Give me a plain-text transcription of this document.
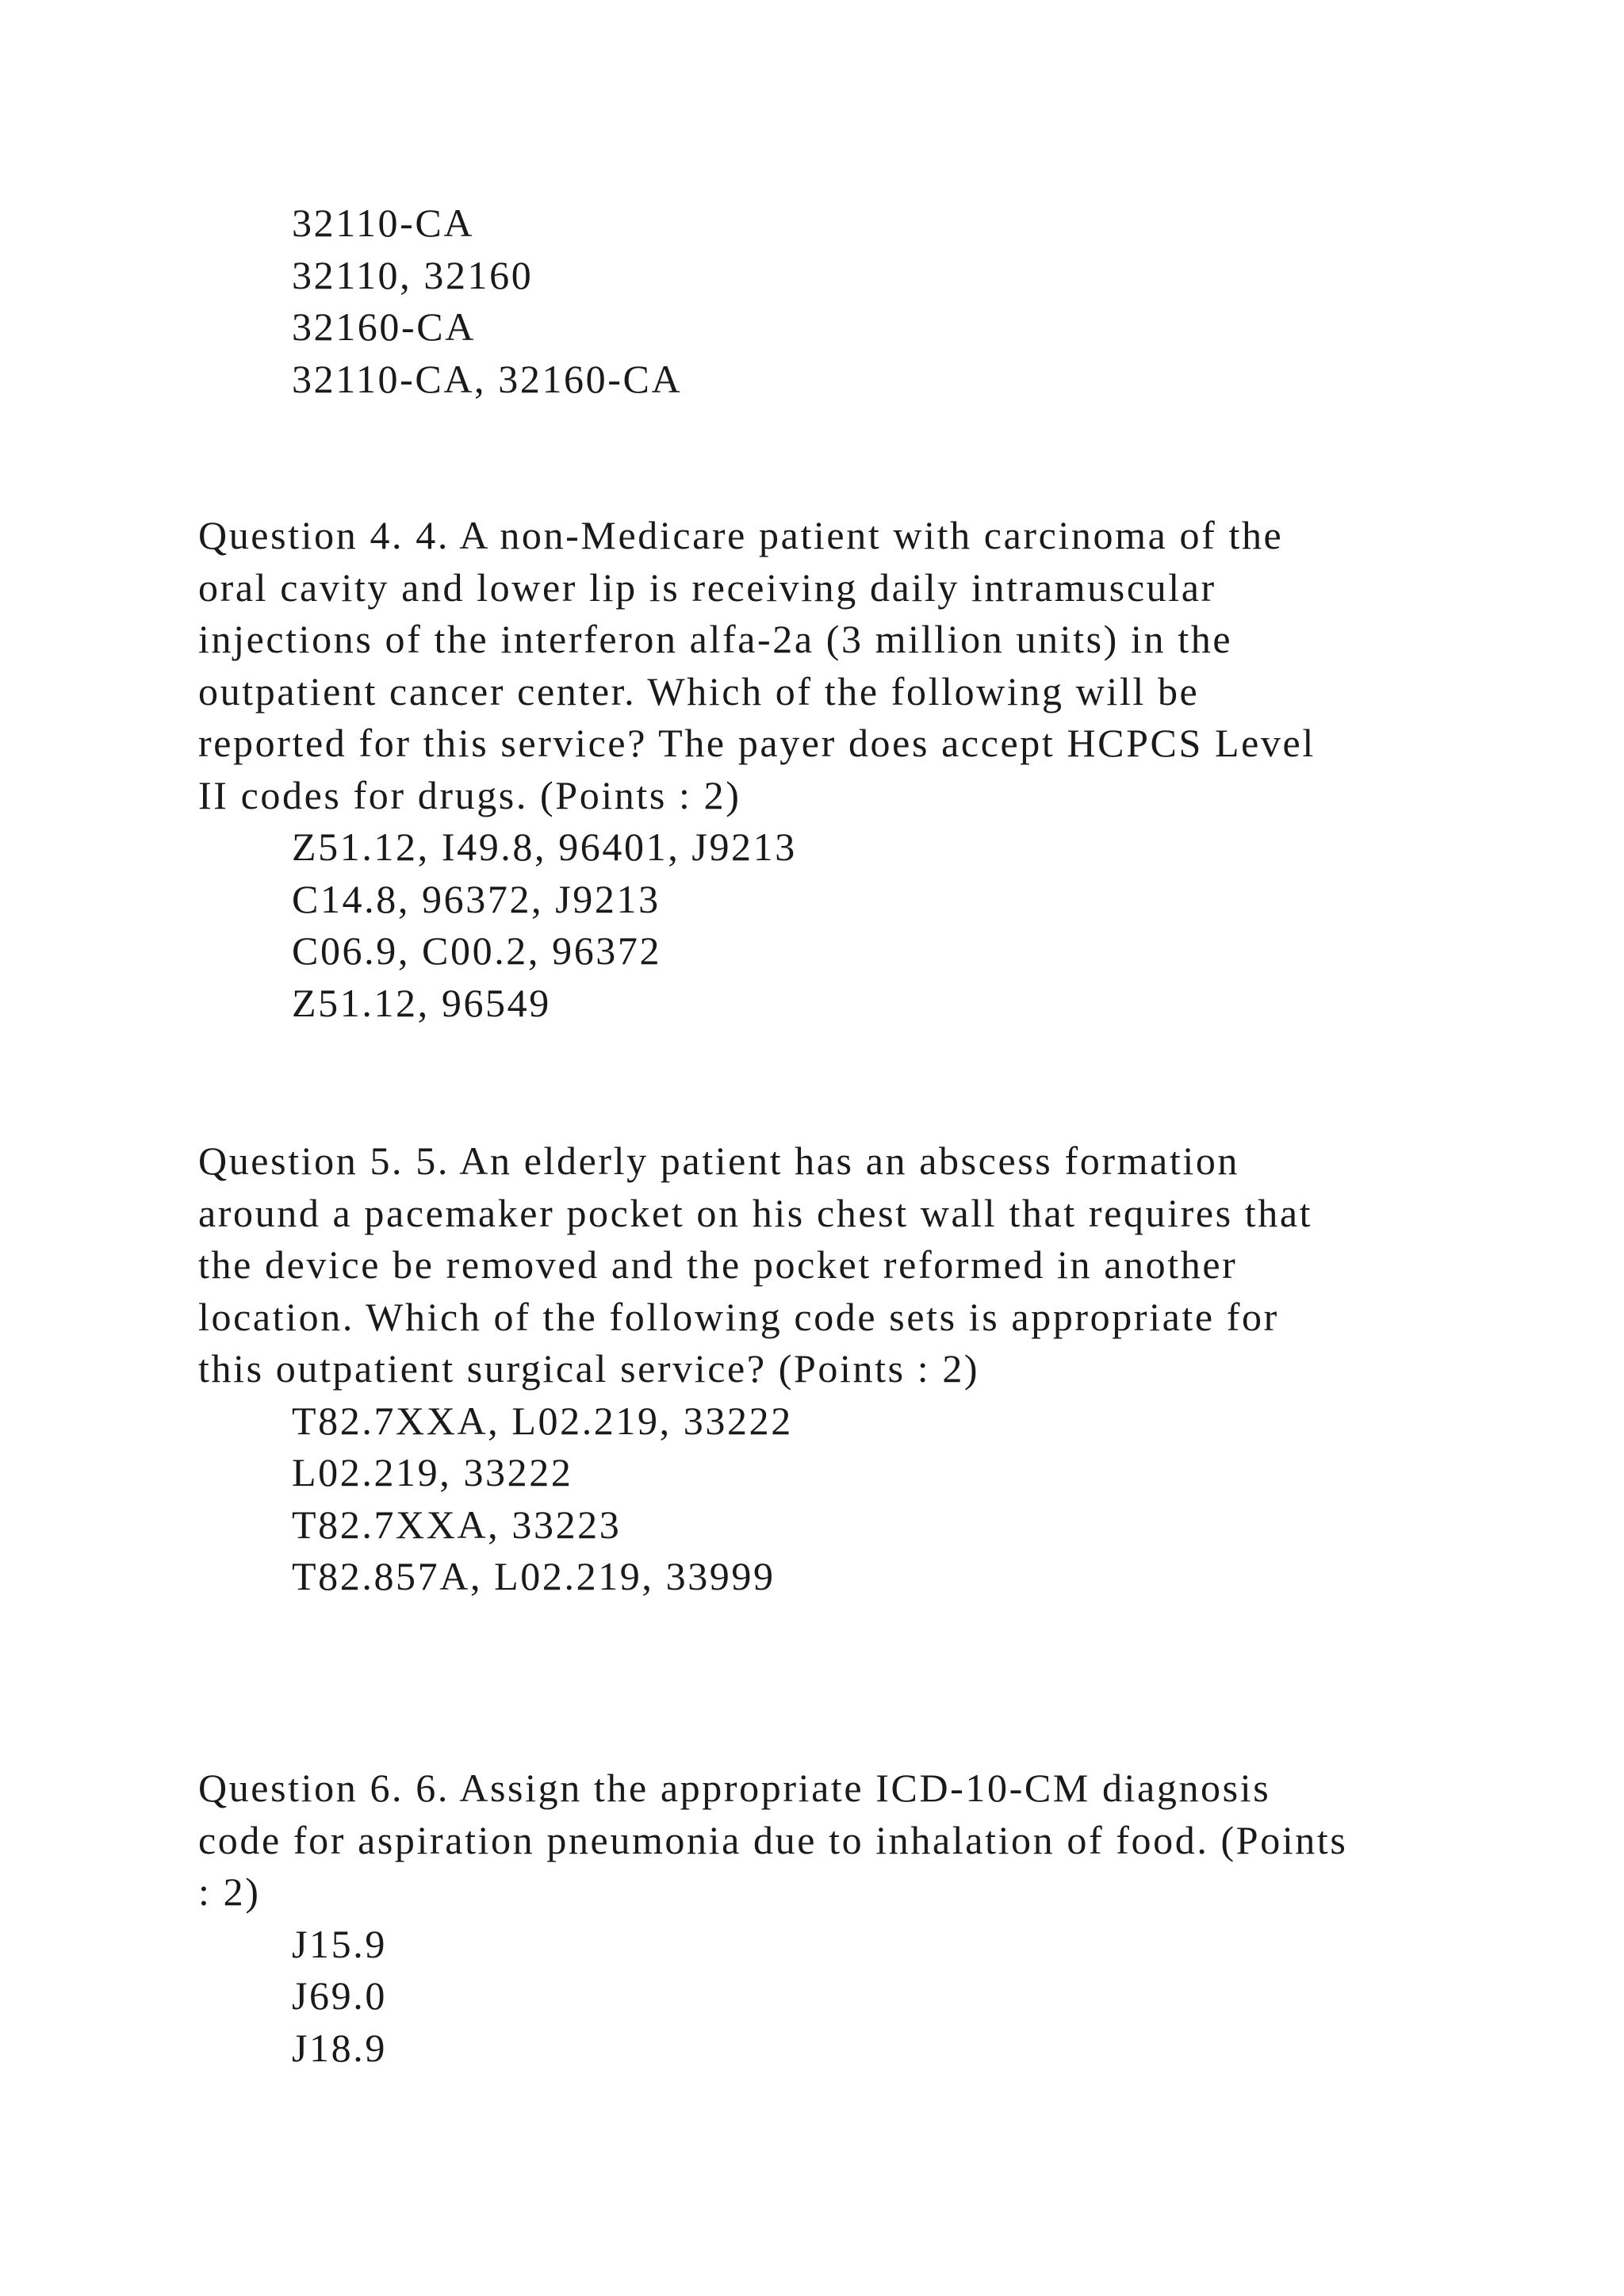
32110-CA
32110, 32160
32160-CA
32110-CA, 32160-CA
Question 4. 4. A non-Medicare patient with carcinoma of the
oral cavity and lower lip is receiving daily intramuscular
injections of the interferon alfa-2a (3 million units) in the
outpatient cancer center. Which of the following will be
reported for this service? The payer does accept HCPCS Level
II codes for drugs. (Points : 2)
Z51.12, I49.8, 96401, J9213
C14.8, 96372, J9213
C06.9, C00.2, 96372
Z51.12, 96549
Question 5. 5. An elderly patient has an abscess formation
around a pacemaker pocket on his chest wall that requires that
the device be removed and the pocket reformed in another
location. Which of the following code sets is appropriate for
this outpatient surgical service? (Points : 2)
T82.7XXA, L02.219, 33222
L02.219, 33222
T82.7XXA, 33223
T82.857A, L02.219, 33999
Question 6. 6. Assign the appropriate ICD-10-CM diagnosis
code for aspiration pneumonia due to inhalation of food. (Points
: 2)
J15.9
J69.0
J18.9
